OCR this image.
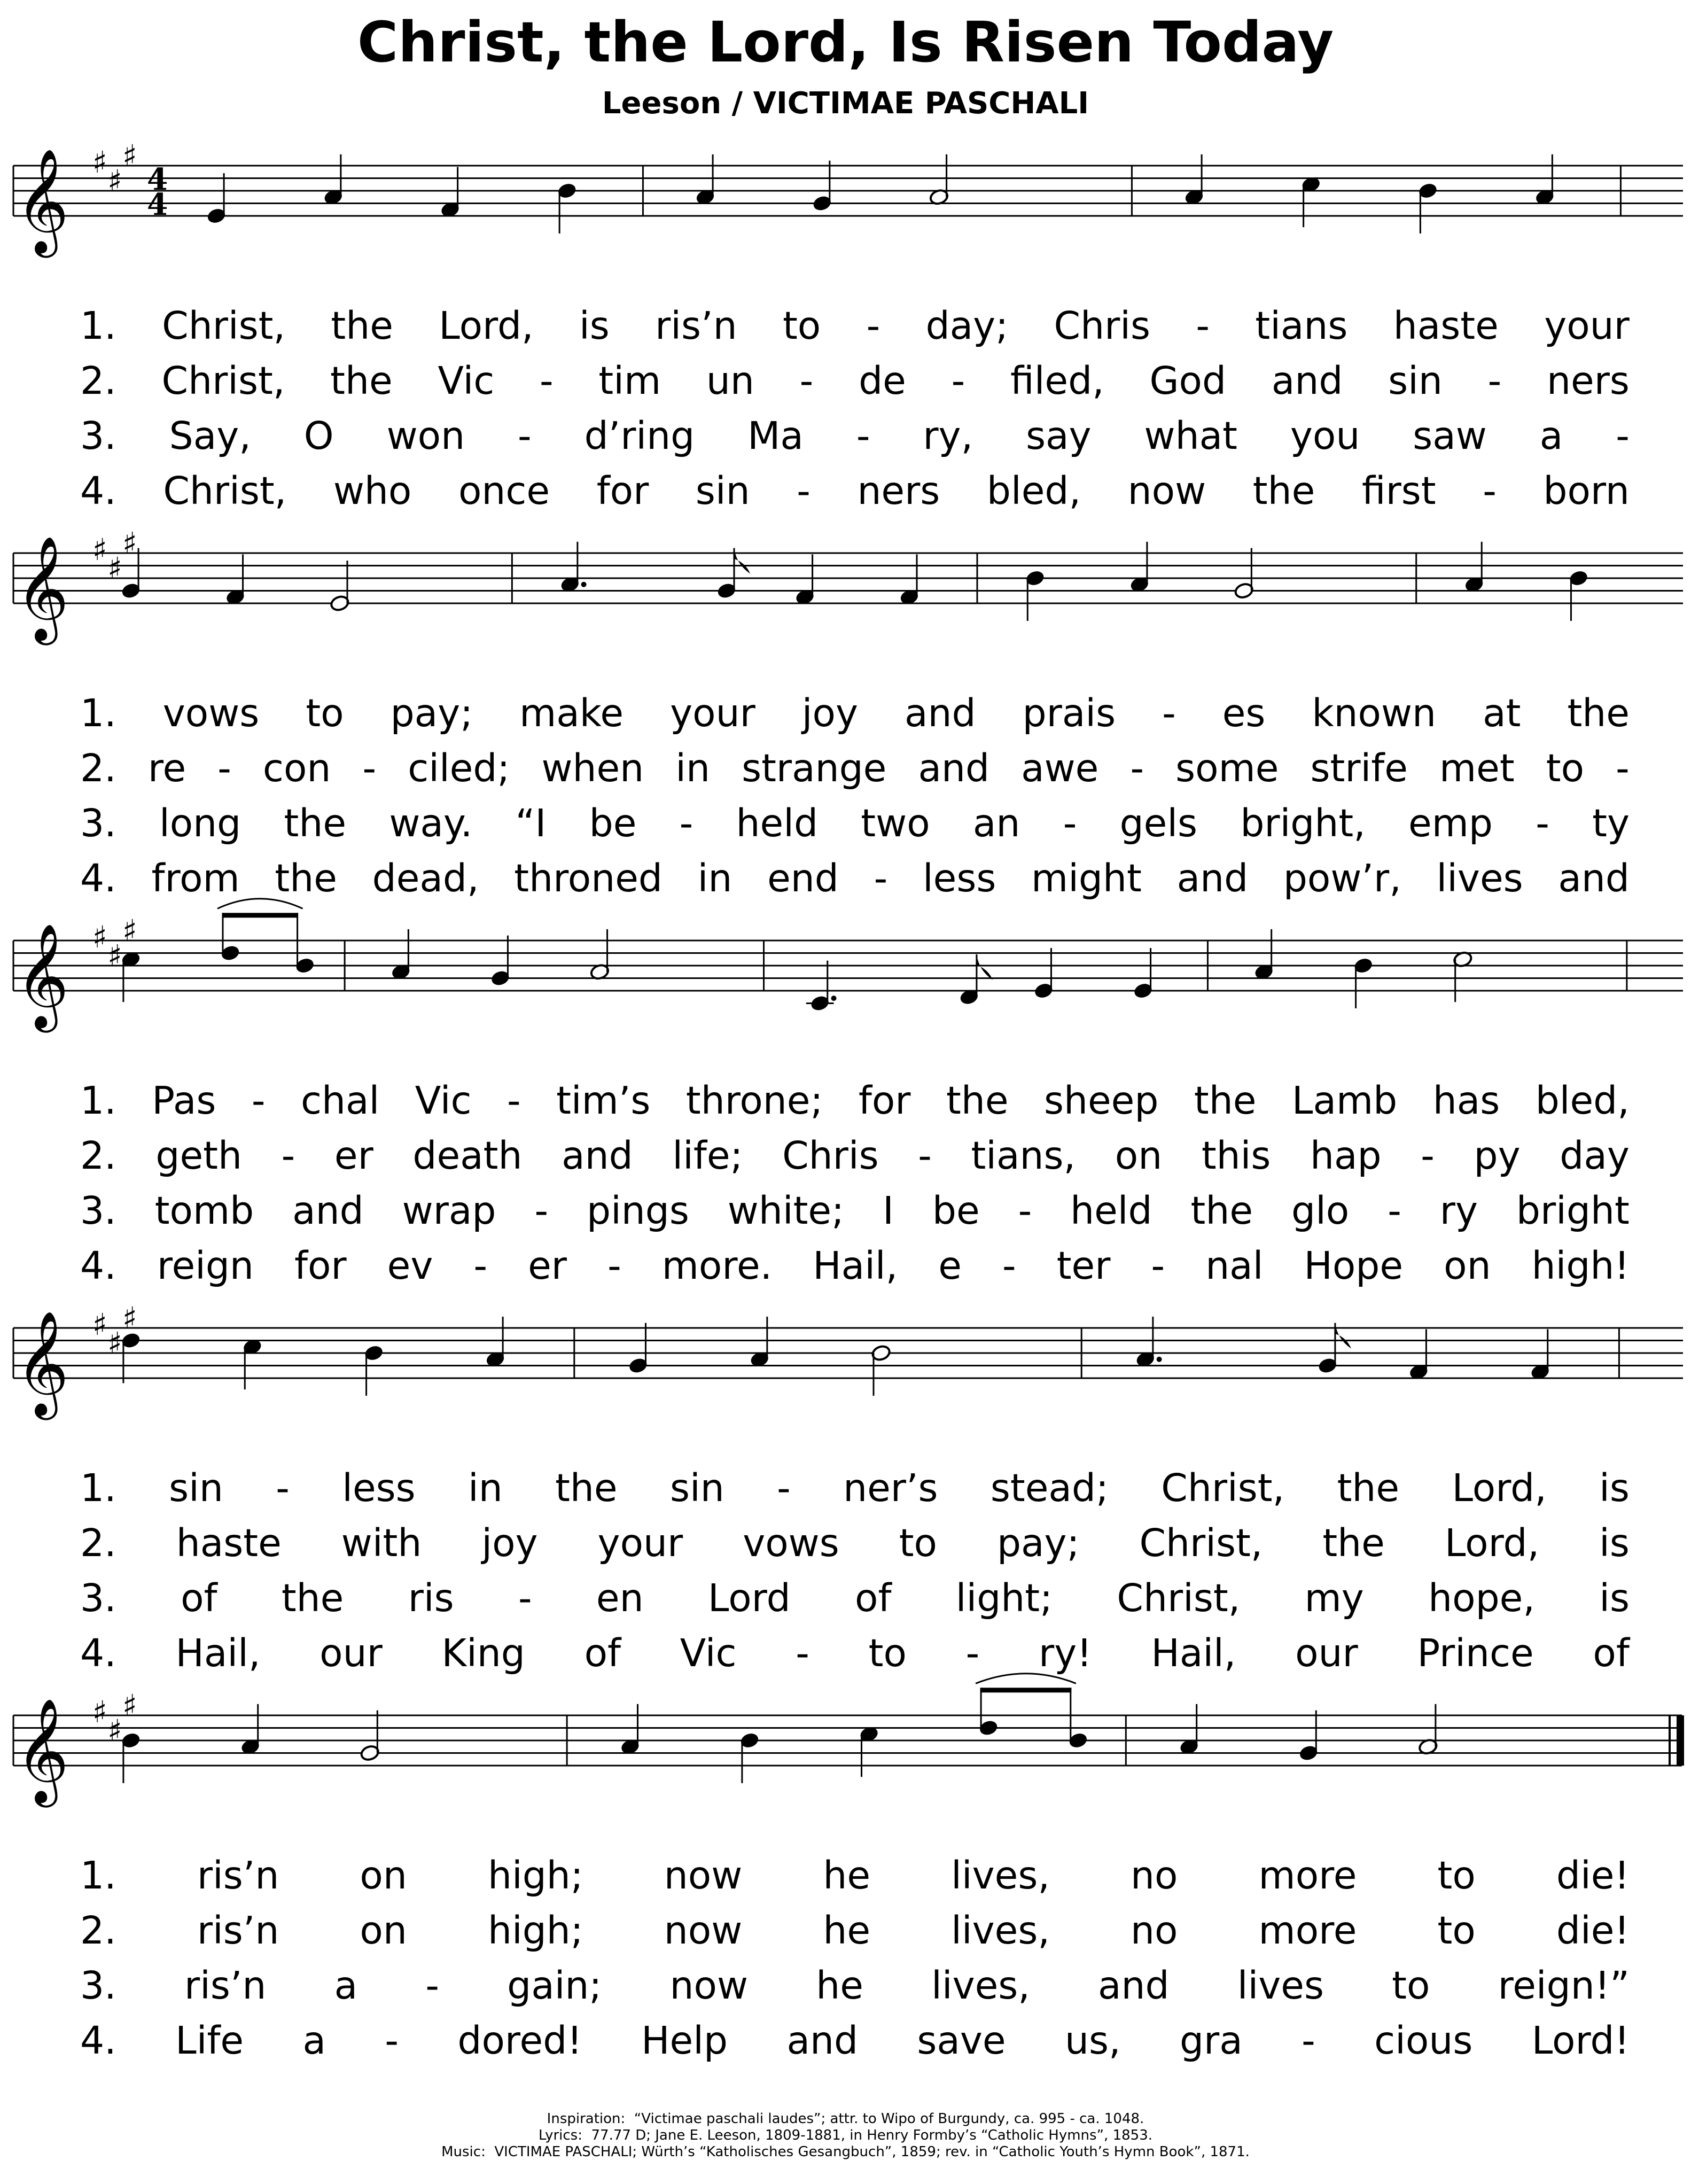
Christ, the Lord, Is Risen Today
Leeson / VICTIMAE PASCHALI
𝄞 ♯
♯
♯
4
4
1. Christ, the Lord, is ris’n to - day; Chris - tians haste your
2. Christ, the Vic - tim un - de - filed, God and sin - ners
3. Say, O won - d’ring Ma - ry, say what you saw a -
4. Christ, who once for sin - ners bled, now the first - born
𝄞 ♯
♯
♯
1. vows to pay; make your joy and prais - es known at the
2. re - con - ciled; when in strange and awe - some strife met to -
3. long the way. “I be - held two an - gels bright, emp - ty
4. from the dead, throned in end - less might and pow’r, lives and
𝄞 ♯
♯
♯
1. Pas - chal Vic - tim’s throne; for the sheep the Lamb has bled,
2. geth - er death and life; Chris - tians, on this hap - py day
3. tomb and wrap - pings white; I be - held the glo - ry bright
4. reign for ev - er - more. Hail, e - ter - nal Hope on high!
𝄞 ♯
♯
♯
1. sin - less in the sin - ner’s stead; Christ, the Lord, is
2. haste with joy your vows to pay; Christ, the Lord, is
3. of the ris - en Lord of light; Christ, my hope, is
4. Hail, our King of Vic - to - ry! Hail, our Prince of
𝄞 ♯
♯
♯
1. ris’n on high; now he lives, no more to die!
2. ris’n on high; now he lives, no more to die!
3. ris’n a - gain; now he lives, and lives to reign!”
4. Life a - dored! Help and save us, gra - cious Lord!
Inspiration:  “Victimae paschali laudes”; attr. to Wipo of Burgundy, ca. 995 - ca. 1048.
Lyrics:  77.77 D; Jane E. Leeson, 1809-1881, in Henry Formby’s “Catholic Hymns”, 1853.
Music:  VICTIMAE PASCHALI; Würth’s “Katholisches Gesangbuch”, 1859; rev. in “Catholic Youth’s Hymn Book”, 1871.
